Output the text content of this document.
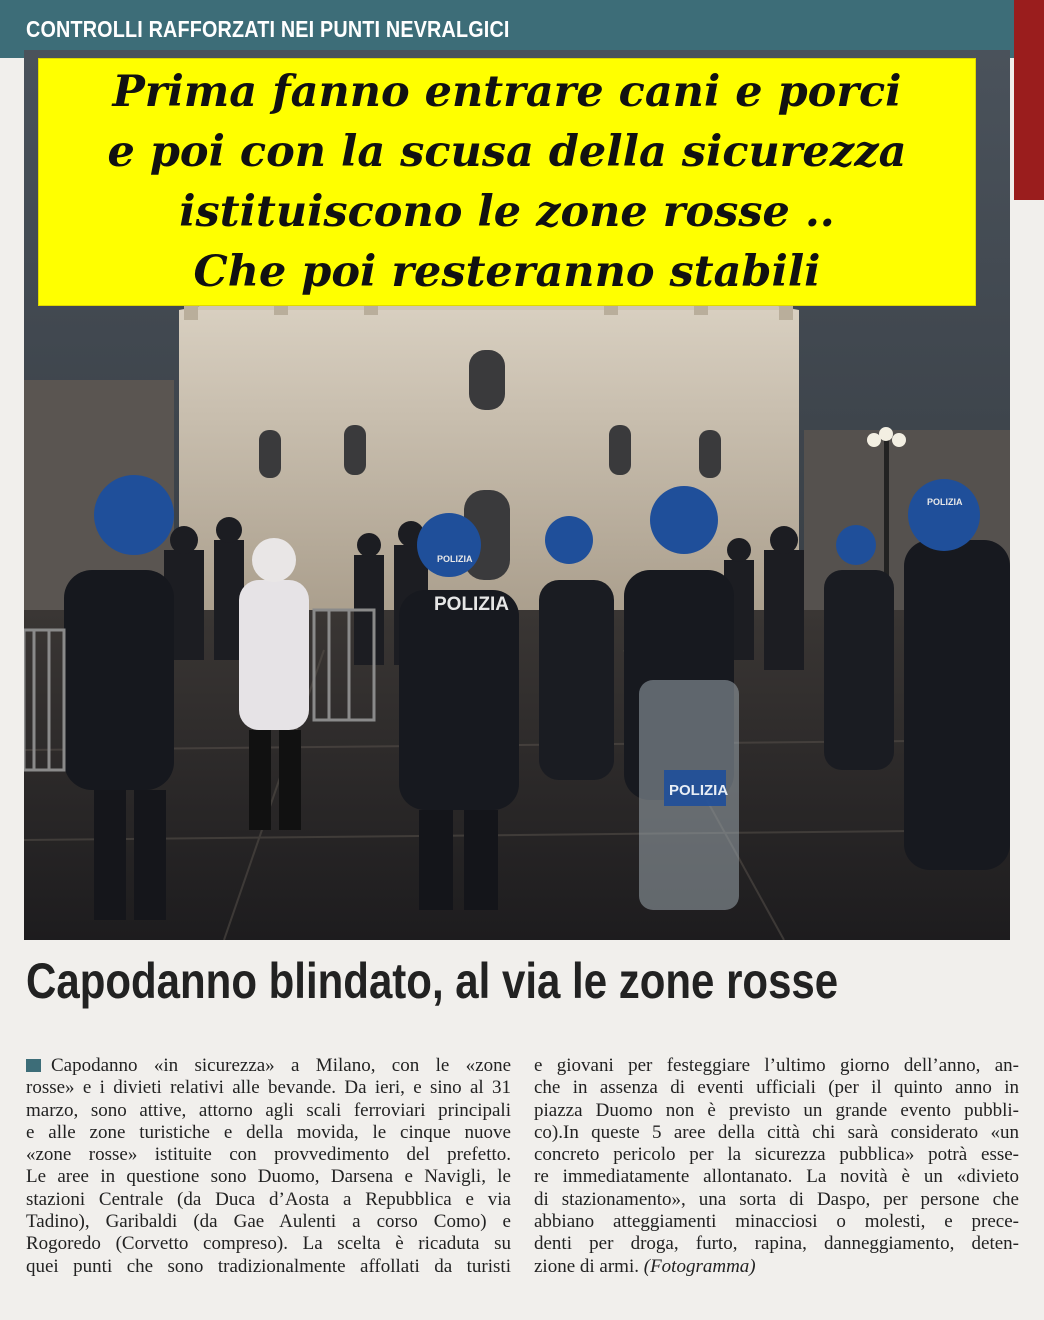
CONTROLLI RAFFORZATI NEI PUNTI NEVRALGICI
POLIZIA
POLIZIA
POLIZIA
POLIZIA
Prima fanno entrare cani e porci
e poi con la scusa della sicurezza
istituiscono le zone rosse ..
Che poi resteranno stabili
Capodanno blindato, al via le zone rosse
Capodanno «in sicurezza» a Milano, con le «zone
rosse» e i divieti relativi alle bevande. Da ieri, e sino al 31
marzo, sono attive, attorno agli scali ferroviari principali
e alle zone turistiche e della movida, le cinque nuove
«zone rosse» istituite con provvedimento del prefetto.
Le aree in questione sono Duomo, Darsena e Navigli, le
stazioni Centrale (da Duca d’Aosta a Repubblica e via
Tadino), Garibaldi (da Gae Aulenti a corso Como) e
Rogoredo (Corvetto compreso). La scelta è ricaduta su
quei punti che sono tradizionalmente affollati da turisti
e giovani per festeggiare l’ultimo giorno dell’anno, an-
che in assenza di eventi ufficiali (per il quinto anno in
piazza Duomo non è previsto un grande evento pubbli-
co).In queste 5 aree della città chi sarà considerato «un
concreto pericolo per la sicurezza pubblica» potrà esse-
re immediatamente allontanato. La novità è un «divieto
di stazionamento», una sorta di Daspo, per persone che
abbiano atteggiamenti minacciosi o molesti, e prece-
denti per droga, furto, rapina, danneggiamento, deten-
zione di armi. (Fotogramma)
